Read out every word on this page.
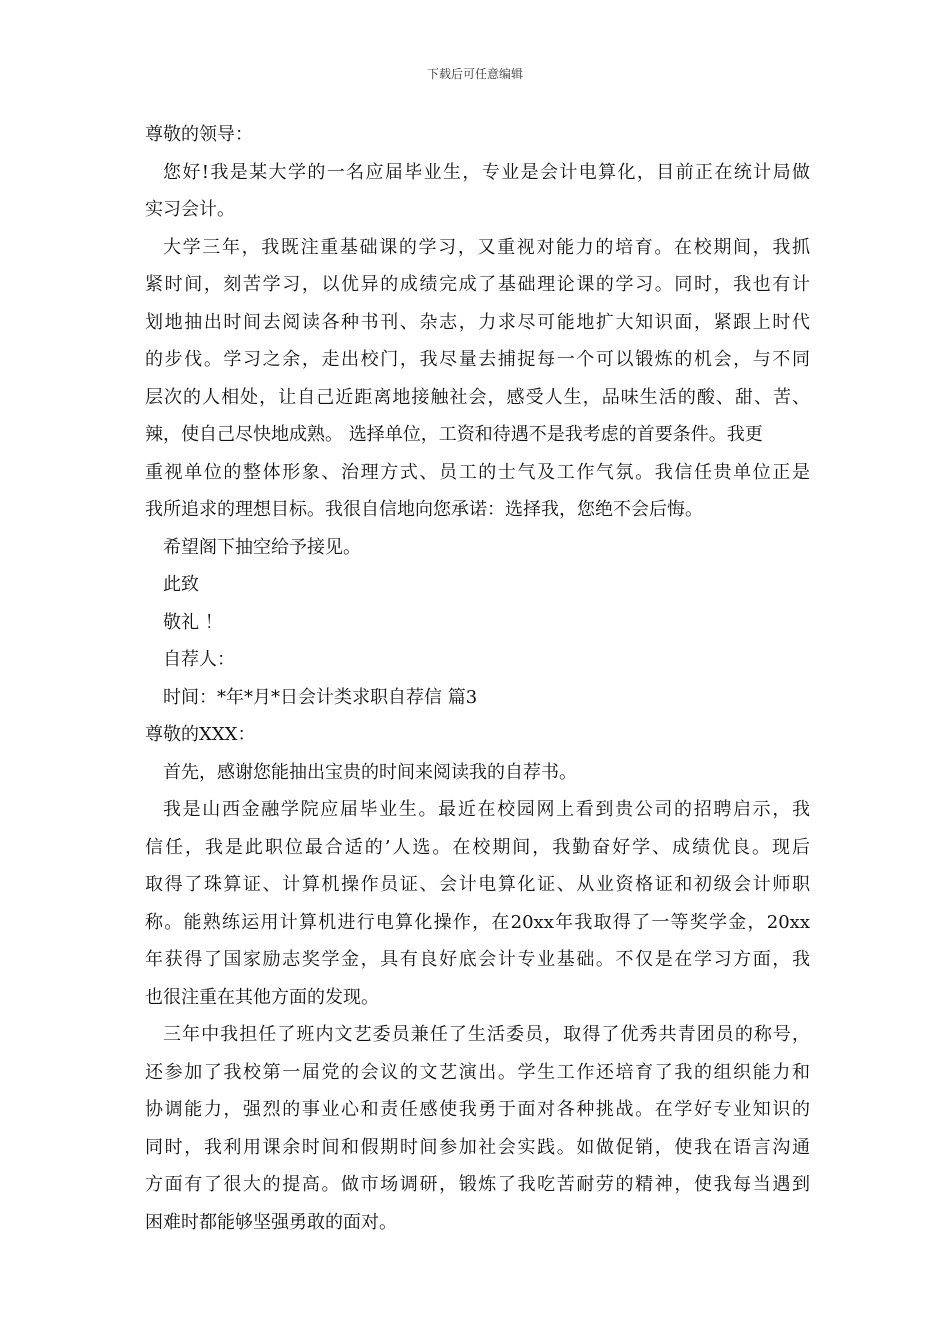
下载后可任意编辑
尊敬的领导：
您好!我是某大学的一名应届毕业生，专业是会计电算化，目前正在统计局做
实习会计。
大学三年，我既注重基础课的学习，又重视对能力的培育。在校期间，我抓
紧时间，刻苦学习，以优异的成绩完成了基础理论课的学习。同时，我也有计
划地抽出时间去阅读各种书刊、杂志，力求尽可能地扩大知识面，紧跟上时代
的步伐。学习之余，走出校门，我尽量去捕捉每一个可以锻炼的机会，与不同
层次的人相处，让自己近距离地接触社会，感受人生，品味生活的酸、甜、苦、
辣，使自己尽快地成熟。 选择单位，工资和待遇不是我考虑的首要条件。我更
重视单位的整体形象、治理方式、员工的士气及工作气氛。我信任贵单位正是
我所追求的理想目标。我很自信地向您承诺：选择我，您绝不会后悔。
希望阁下抽空给予接见。
此致
敬礼 ！
自荐人：
时间：*年*月*日会计类求职自荐信 篇3
尊敬的XXX：
首先，感谢您能抽出宝贵的时间来阅读我的自荐书。
我是山西金融学院应届毕业生。最近在校园网上看到贵公司的招聘启示，我
信任，我是此职位最合适的’人选。在校期间，我勤奋好学、成绩优良。现后
取得了珠算证、计算机操作员证、会计电算化证、从业资格证和初级会计师职
称。能熟练运用计算机进行电算化操作，在20xx年我取得了一等奖学金，20xx
年获得了国家励志奖学金，具有良好底会计专业基础。不仅是在学习方面，我
也很注重在其他方面的发现。
三年中我担任了班内文艺委员兼任了生活委员，取得了优秀共青团员的称号，
还参加了我校第一届党的会议的文艺演出。学生工作还培育了我的组织能力和
协调能力，强烈的事业心和责任感使我勇于面对各种挑战。在学好专业知识的
同时，我利用课余时间和假期时间参加社会实践。如做促销，使我在语言沟通
方面有了很大的提高。做市场调研，锻炼了我吃苦耐劳的精神，使我每当遇到
困难时都能够坚强勇敢的面对。
